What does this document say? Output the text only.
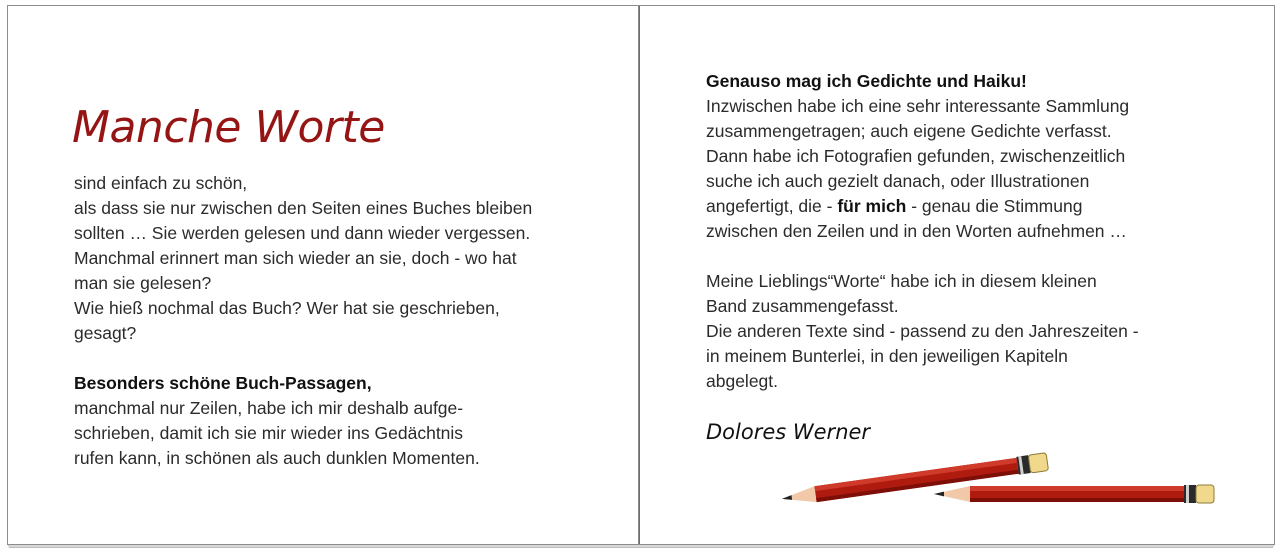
Manche Worte
sind einfach zu schön,
als dass sie nur zwischen den Seiten eines Buches bleiben
sollten … Sie werden gelesen und dann wieder vergessen.
Manchmal erinnert man sich wieder an sie, doch - wo hat
man sie gelesen?
Wie hieß nochmal das Buch? Wer hat sie geschrieben,
gesagt?
Besonders schöne Buch-Passagen,
manchmal nur Zeilen, habe ich mir deshalb aufge-
schrieben, damit ich sie mir wieder ins Gedächtnis
rufen kann, in schönen als auch dunklen Momenten.
Genauso mag ich Gedichte und Haiku!
Inzwischen habe ich eine sehr interessante Sammlung
zusammengetragen; auch eigene Gedichte verfasst.
Dann habe ich Fotografien gefunden, zwischenzeitlich
suche ich auch gezielt danach, oder Illustrationen
angefertigt, die - für mich - genau die Stimmung
zwischen den Zeilen und in den Worten aufnehmen …
Meine Lieblings“Worte“ habe ich in diesem kleinen
Band zusammengefasst.
Die anderen Texte sind - passend zu den Jahreszeiten -
in meinem Bunterlei, in den jeweiligen Kapiteln
abgelegt.
Dolores Werner
